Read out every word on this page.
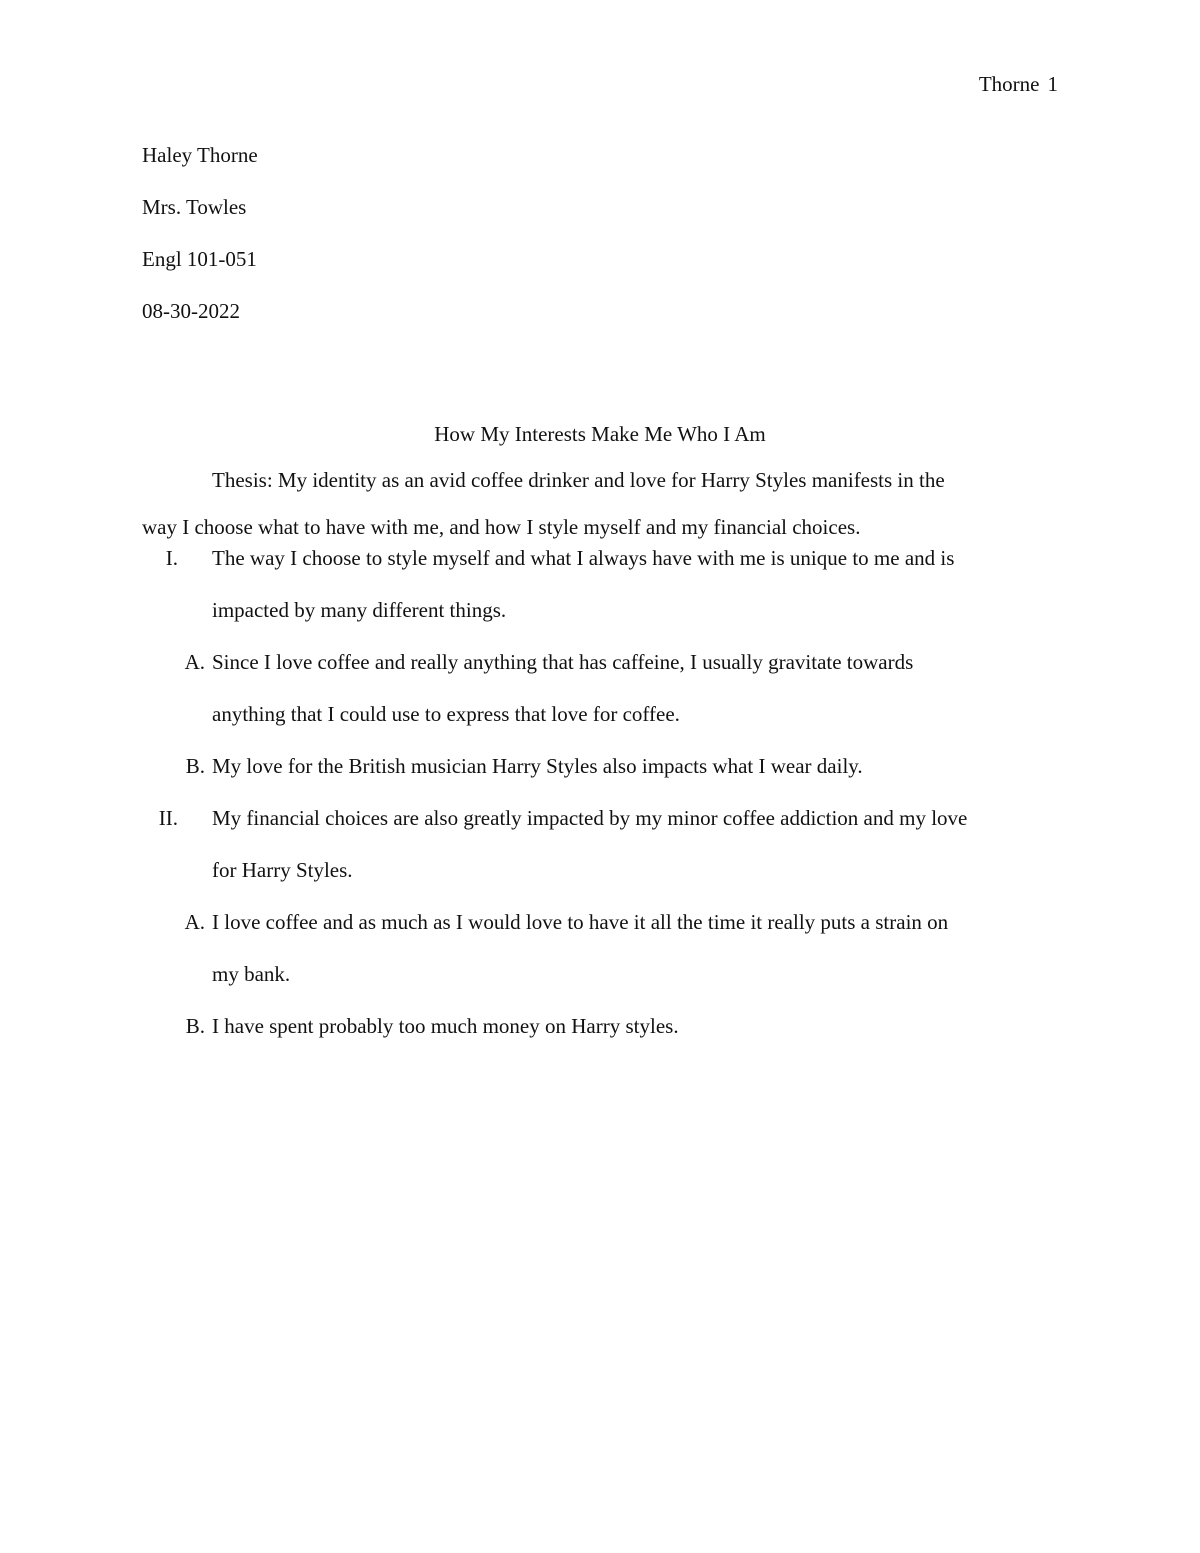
Thorne 1
Haley Thorne
Mrs. Towles
Engl 101-051
08-30-2022
How My Interests Make Me Who I Am
Thesis: My identity as an avid coffee drinker and love for Harry Styles manifests in the
way I choose what to have with me, and how I style myself and my financial choices.
I. The way I choose to style myself and what I always have with me is unique to me and is
impacted by many different things.
A. Since I love coffee and really anything that has caffeine, I usually gravitate towards
anything that I could use to express that love for coffee.
B. My love for the British musician Harry Styles also impacts what I wear daily.
II. My financial choices are also greatly impacted by my minor coffee addiction and my love
for Harry Styles.
A. I love coffee and as much as I would love to have it all the time it really puts a strain on
my bank.
B. I have spent probably too much money on Harry styles.
